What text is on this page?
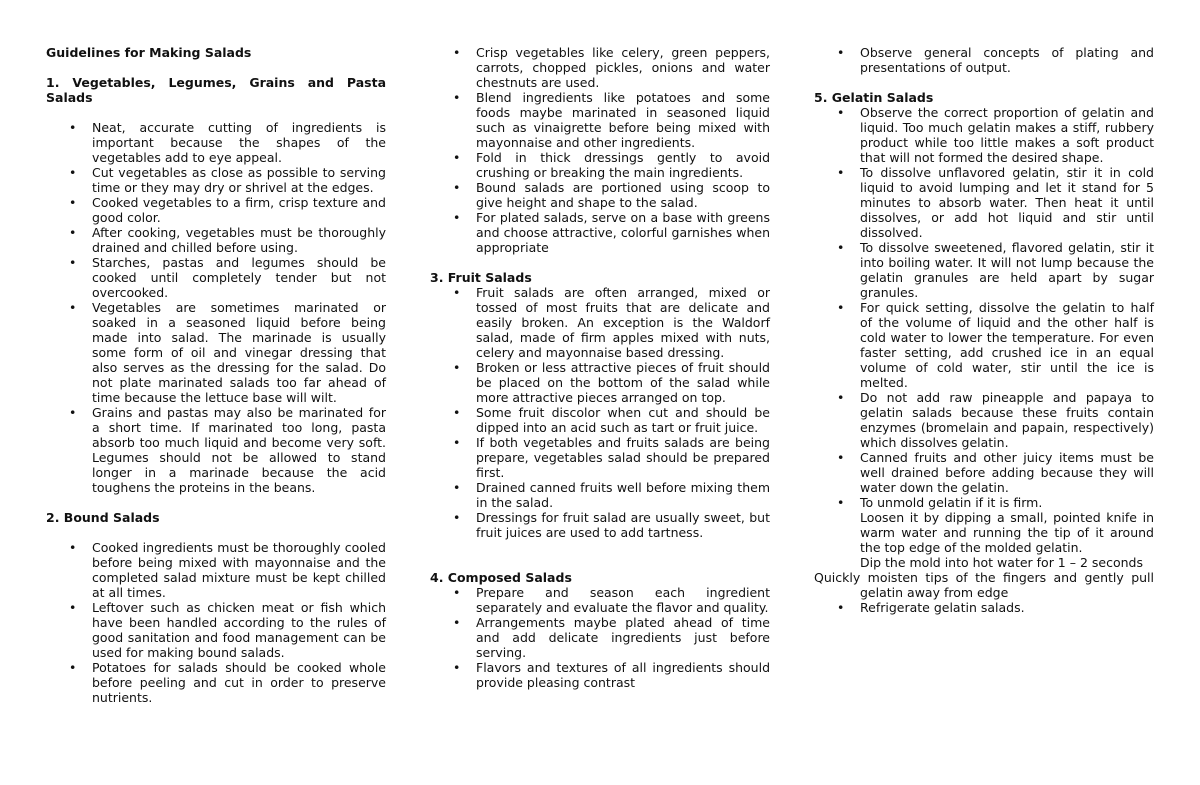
Guidelines for Making Salads
1. Vegetables, Legumes, Grains and Pasta Salads
• Neat, accurate cutting of ingredients is important because the shapes of the vegetables add to eye appeal.
• Cut vegetables as close as possible to serving time or they may dry or shrivel at the edges.
• Cooked vegetables to a firm, crisp texture and good color.
• After cooking, vegetables must be thoroughly drained and chilled before using.
• Starches, pastas and legumes should be cooked until completely tender but not overcooked.
• Vegetables are sometimes marinated or soaked in a seasoned liquid before being made into salad. The marinade is usually some form of oil and vinegar dressing that also serves as the dressing for the salad. Do not plate marinated salads too far ahead of time because the lettuce base will wilt.
• Grains and pastas may also be marinated for a short time. If marinated too long, pasta absorb too much liquid and become very soft. Legumes should not be allowed to stand longer in a marinade because the acid toughens the proteins in the beans.
2. Bound Salads
• Cooked ingredients must be thoroughly cooled before being mixed with mayonnaise and the completed salad mixture must be kept chilled at all times.
• Leftover such as chicken meat or fish which have been handled according to the rules of good sanitation and food management can be used for making bound salads.
• Potatoes for salads should be cooked whole before peeling and cut in order to preserve nutrients.
• Crisp vegetables like celery, green peppers, carrots, chopped pickles, onions and water chestnuts are used.
• Blend ingredients like potatoes and some foods maybe marinated in seasoned liquid such as vinaigrette before being mixed with mayonnaise and other ingredients.
• Fold in thick dressings gently to avoid crushing or breaking the main ingredients.
• Bound salads are portioned using scoop to give height and shape to the salad.
• For plated salads, serve on a base with greens and choose attractive, colorful garnishes when appropriate
3. Fruit Salads
• Fruit salads are often arranged, mixed or tossed of most fruits that are delicate and easily broken. An exception is the Waldorf salad, made of firm apples mixed with nuts, celery and mayonnaise based dressing.
• Broken or less attractive pieces of fruit should be placed on the bottom of the salad while more attractive pieces arranged on top.
• Some fruit discolor when cut and should be dipped into an acid such as tart or fruit juice.
• If both vegetables and fruits salads are being prepare, vegetables salad should be prepared first.
• Drained canned fruits well before mixing them in the salad.
• Dressings for fruit salad are usually sweet, but fruit juices are used to add tartness.
4. Composed Salads
• Prepare and season each ingredient separately and evaluate the flavor and quality.
• Arrangements maybe plated ahead of time and add delicate ingredients just before serving.
• Flavors and textures of all ingredients should provide pleasing contrast
• Observe general concepts of plating and presentations of output.
5. Gelatin Salads
• Observe the correct proportion of gelatin and liquid. Too much gelatin makes a stiff, rubbery product while too little makes a soft product that will not formed the desired shape.
• To dissolve unflavored gelatin, stir it in cold liquid to avoid lumping and let it stand for 5 minutes to absorb water. Then heat it until dissolves, or add hot liquid and stir until dissolved.
• To dissolve sweetened, flavored gelatin, stir it into boiling water. It will not lump because the gelatin granules are held apart by sugar granules.
• For quick setting, dissolve the gelatin to half of the volume of liquid and the other half is cold water to lower the temperature. For even faster setting, add crushed ice in an equal volume of cold water, stir until the ice is melted.
• Do not add raw pineapple and papaya to gelatin salads because these fruits contain enzymes (bromelain and papain, respectively) which dissolves gelatin.
• Canned fruits and other juicy items must be well drained before adding because they will water down the gelatin.
• To unmold gelatin if it is firm.
Loosen it by dipping a small, pointed knife in warm water and running the tip of it around the top edge of the molded gelatin.
Dip the mold into hot water for 1 – 2 seconds
Quickly moisten tips of the fingers and gently pull gelatin away from edge
• Refrigerate gelatin salads.
